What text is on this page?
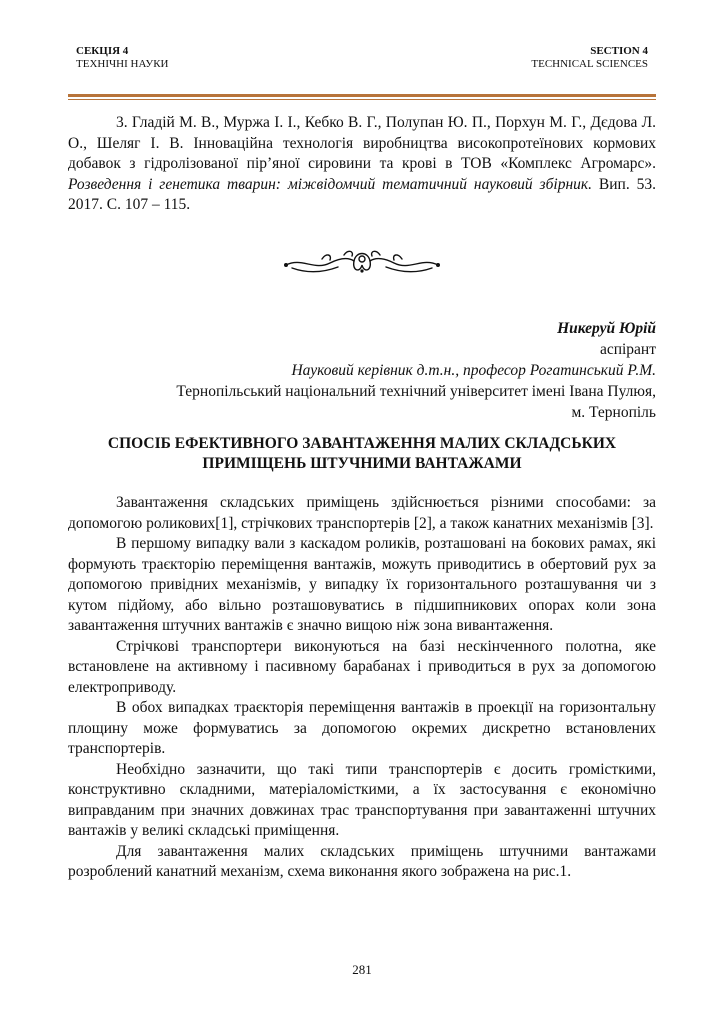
СЕКЦІЯ 4
ТЕХНІЧНІ НАУКИ
SECTION 4
TECHNICAL SCIENCES
3. Гладій М. В., Муржа І. І., Кебко В. Г., Полупан Ю. П., Порхун М. Г., Дєдова Л. О., Шеляг І. В. Інноваційна технологія виробництва високопротеїнових кормових добавок з гідролізованої пір’яної сировини та крові в ТОВ «Комплекс Агромарс». Розведення і генетика тварин: міжвідомчий тематичний науковий збірник. Вип. 53. 2017. С. 107 – 115.
Никеруй Юрій
аспірант
Науковий керівник д.т.н., професор Рогатинський Р.М.
Тернопільський національний технічний університет імені Івана Пулюя,
м. Тернопіль
СПОСІБ ЕФЕКТИВНОГО ЗАВАНТАЖЕННЯ МАЛИХ СКЛАДСЬКИХ
ПРИМІЩЕНЬ ШТУЧНИМИ ВАНТАЖАМИ

Завантаження складських приміщень здійснюється різними способами: за допомогою роликових[1], стрічкових транспортерів [2], а також канатних механізмів [3].

В першому випадку вали з каскадом роликів, розташовані на бокових рамах, які формують траєкторію переміщення вантажів, можуть приводитись в обертовий рух за допомогою привідних механізмів, у випадку їх горизонтального розташування чи з кутом підйому, або вільно розташовуватись в підшипникових опорах коли зона завантаження штучних вантажів є значно вищою ніж зона вивантаження.

Стрічкові транспортери виконуються на базі нескінченного полотна, яке встановлене на активному і пасивному барабанах і приводиться в рух за допомогою електроприводу.

В обох випадках траєкторія переміщення вантажів в проекції на горизонтальну площину може формуватись за допомогою окремих дискретно встановлених транспортерів.

Необхідно зазначити, що такі типи транспортерів є досить громісткими, конструктивно складними, матеріаломісткими, а їх застосування є економічно виправданим при значних довжинах трас транспортування при завантаженні штучних вантажів у великі складські приміщення.

Для завантаження малих складських приміщень штучними вантажами розроблений канатний механізм, схема виконання якого зображена на рис.1.

281
